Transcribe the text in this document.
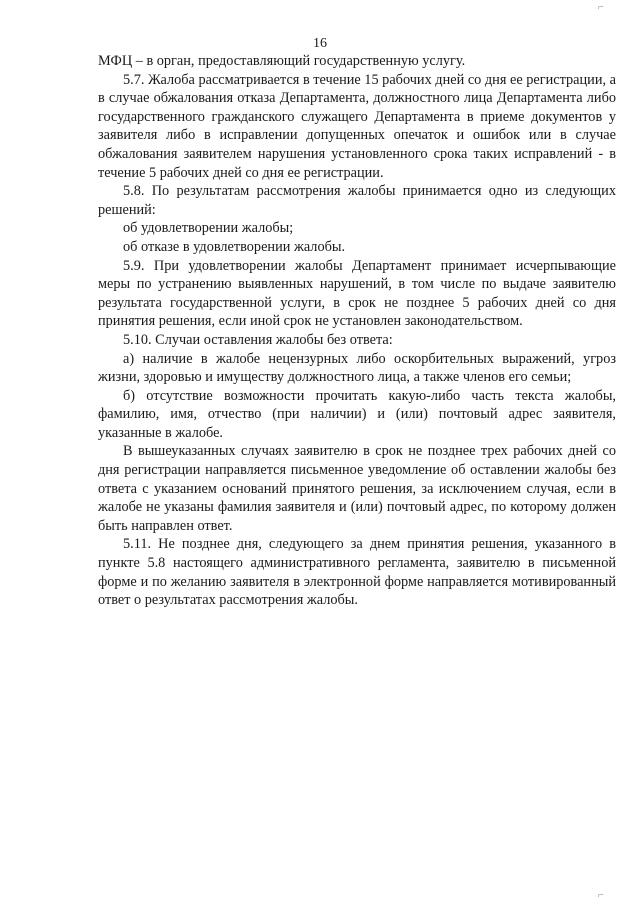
⌐
16

МФЦ – в орган, предоставляющий государственную услугу.

5.7. Жалоба рассматривается в течение 15 рабочих дней со дня ее регистрации, а в случае обжалования отказа Департамента, должностного лица Департамента либо государственного гражданского служащего Департамента в приеме документов у заявителя либо в исправлении допущенных опечаток и ошибок или в случае обжалования заявителем нарушения установленного срока таких исправлений - в течение 5 рабочих дней со дня ее регистрации.

5.8. По результатам рассмотрения жалобы принимается одно из следующих решений:

об удовлетворении жалобы;

об отказе в удовлетворении жалобы.

5.9. При удовлетворении жалобы Департамент принимает исчерпывающие меры по устранению выявленных нарушений, в том числе по выдаче заявителю результата государственной услуги, в срок не позднее 5 рабочих дней со дня принятия решения, если иной срок не установлен законодательством.

5.10. Случаи оставления жалобы без ответа:

а) наличие в жалобе нецензурных либо оскорбительных выражений, угроз жизни, здоровью и имуществу должностного лица, а также членов его семьи;

б) отсутствие возможности прочитать какую-либо часть текста жалобы, фамилию, имя, отчество (при наличии) и (или) почтовый адрес заявителя, указанные в жалобе.

В вышеуказанных случаях заявителю в срок не позднее трех рабочих дней со дня регистрации направляется письменное уведомление об оставлении жалобы без ответа с указанием оснований принятого решения, за исключением случая, если в жалобе не указаны фамилия заявителя и (или) почтовый адрес, по которому должен быть направлен ответ.

5.11. Не позднее дня, следующего за днем принятия решения, указанного в пункте 5.8 настоящего административного регламента, заявителю в письменной форме и по желанию заявителя в электронной форме направляется мотивированный ответ о результатах рассмотрения жалобы.

⌐
